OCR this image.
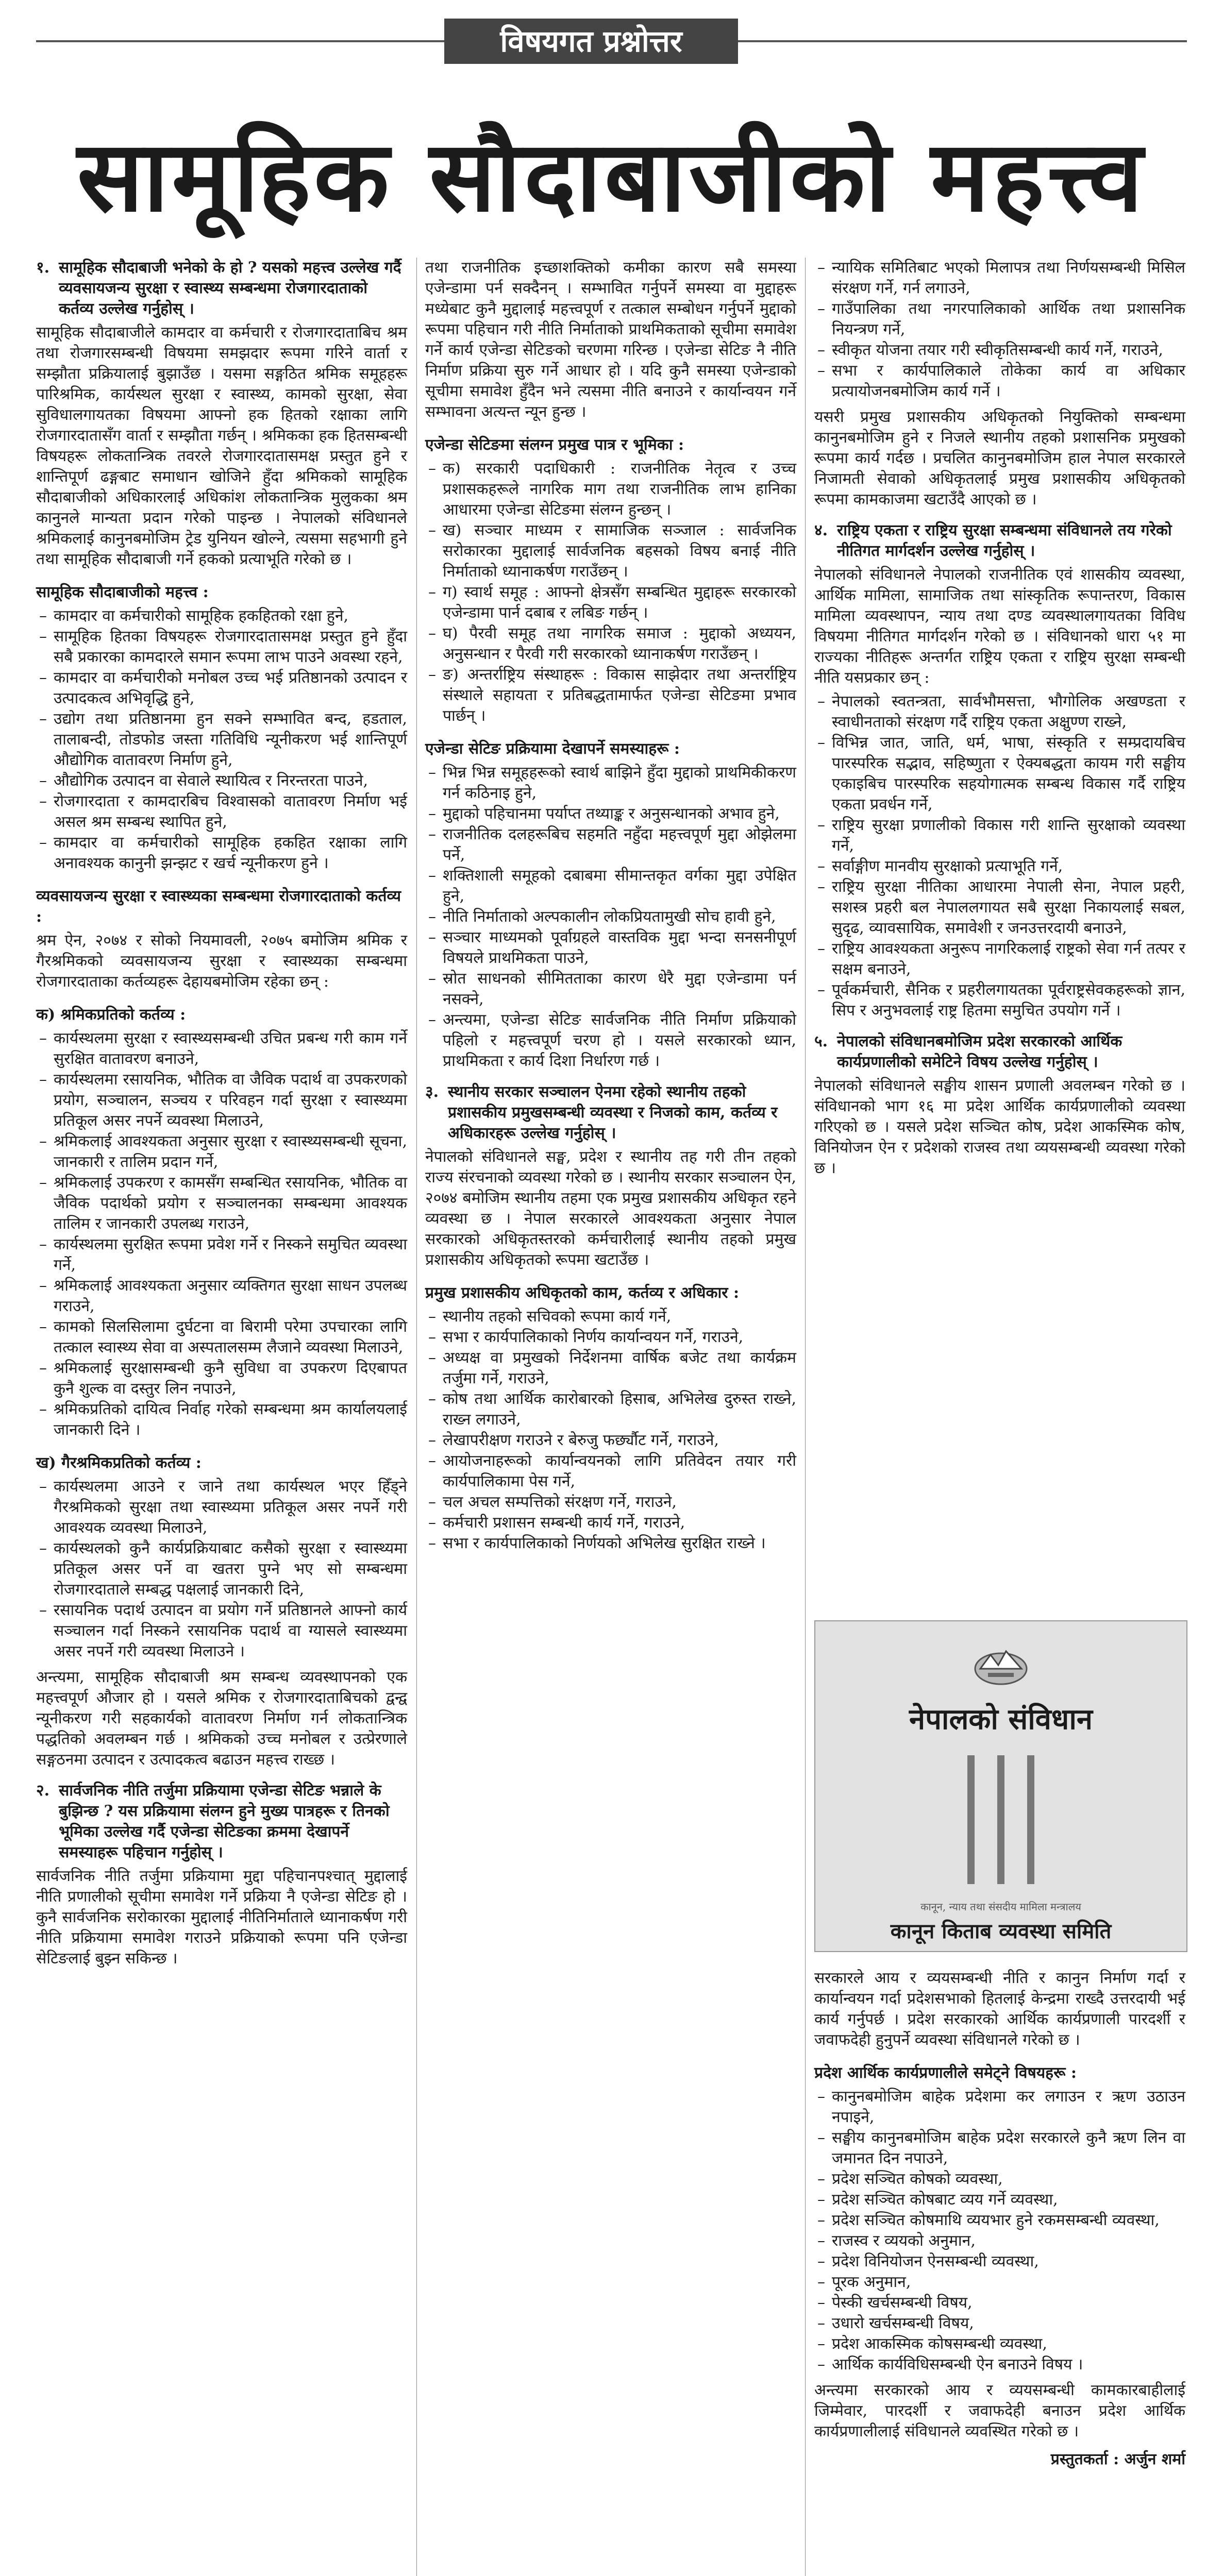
विषयगत प्रश्नोत्तर
सामूहिक सौदाबाजीको महत्त्व
१. सामूहिक सौदाबाजी भनेको के हो ? यसको महत्त्व उल्लेख गर्दै व्यवसायजन्य सुरक्षा र स्वास्थ्य सम्बन्धमा रोजगारदाताको कर्तव्य उल्लेख गर्नुहोस् ।

सामूहिक सौदाबाजीले कामदार वा कर्मचारी र रोजगारदाताबिच श्रम तथा रोजगारसम्बन्धी विषयमा समझदार रूपमा गरिने वार्ता र सम्झौता प्रक्रियालाई बुझाउँछ । यसमा सङ्गठित श्रमिक समूहहरू पारिश्रमिक, कार्यस्थल सुरक्षा र स्वास्थ्य, कामको सुरक्षा, सेवा सुविधालगायतका विषयमा आफ्नो हक हितको रक्षाका लागि रोजगारदातासँग वार्ता र सम्झौता गर्छन् । श्रमिकका हक हितसम्बन्धी विषयहरू लोकतान्त्रिक तवरले रोजगारदातासमक्ष प्रस्तुत हुने र शान्तिपूर्ण ढङ्गबाट समाधान खोजिने हुँदा श्रमिकको सामूहिक सौदाबाजीको अधिकारलाई अधिकांश लोकतान्त्रिक मुलुकका श्रम कानुनले मान्यता प्रदान गरेको पाइन्छ । नेपालको संविधानले श्रमिकलाई कानुनबमोजिम ट्रेड युनियन खोल्ने, त्यसमा सहभागी हुने तथा सामूहिक सौदाबाजी गर्ने हकको प्रत्याभूति गरेको छ ।

सामूहिक सौदाबाजीको महत्त्व :
– कामदार वा कर्मचारीको सामूहिक हकहितको रक्षा हुने,
– सामूहिक हितका विषयहरू रोजगारदातासमक्ष प्रस्तुत हुने हुँदा सबै प्रकारका कामदारले समान रूपमा लाभ पाउने अवस्था रहने,
– कामदार वा कर्मचारीको मनोबल उच्च भई प्रतिष्ठानको उत्पादन र उत्पादकत्व अभिवृद्धि हुने,
– उद्योग तथा प्रतिष्ठानमा हुन सक्ने सम्भावित बन्द, हडताल, तालाबन्दी, तोडफोड जस्ता गतिविधि न्यूनीकरण भई शान्तिपूर्ण औद्योगिक वातावरण निर्माण हुने,
– औद्योगिक उत्पादन वा सेवाले स्थायित्व र निरन्तरता पाउने,
– रोजगारदाता र कामदारबिच विश्वासको वातावरण निर्माण भई असल श्रम सम्बन्ध स्थापित हुने,
– कामदार वा कर्मचारीको सामूहिक हकहित रक्षाका लागि अनावश्यक कानुनी झन्झट र खर्च न्यूनीकरण हुने ।
व्यवसायजन्य सुरक्षा र स्वास्थ्यका सम्बन्धमा रोजगारदाताको कर्तव्य :

श्रम ऐन, २०७४ र सोको नियमावली, २०७५ बमोजिम श्रमिक र गैरश्रमिकको व्यवसायजन्य सुरक्षा र स्वास्थ्यका सम्बन्धमा रोजगारदाताका कर्तव्यहरू देहायबमोजिम रहेका छन् :

क) श्रमिकप्रतिको कर्तव्य :
– कार्यस्थलमा सुरक्षा र स्वास्थ्यसम्बन्धी उचित प्रबन्ध गरी काम गर्ने सुरक्षित वातावरण बनाउने,
– कार्यस्थलमा रसायनिक, भौतिक वा जैविक पदार्थ वा उपकरणको प्रयोग, सञ्चालन, सञ्चय र परिवहन गर्दा सुरक्षा र स्वास्थ्यमा प्रतिकूल असर नपर्ने व्यवस्था मिलाउने,
– श्रमिकलाई आवश्यकता अनुसार सुरक्षा र स्वास्थ्यसम्बन्धी सूचना, जानकारी र तालिम प्रदान गर्ने,
– श्रमिकलाई उपकरण र कामसँग सम्बन्धित रसायनिक, भौतिक वा जैविक पदार्थको प्रयोग र सञ्चालनका सम्बन्धमा आवश्यक तालिम र जानकारी उपलब्ध गराउने,
– कार्यस्थलमा सुरक्षित रूपमा प्रवेश गर्ने र निस्कने समुचित व्यवस्था गर्ने,
– श्रमिकलाई आवश्यकता अनुसार व्यक्तिगत सुरक्षा साधन उपलब्ध गराउने,
– कामको सिलसिलामा दुर्घटना वा बिरामी परेमा उपचारका लागि तत्काल स्वास्थ्य सेवा वा अस्पतालसम्म लैजाने व्यवस्था मिलाउने,
– श्रमिकलाई सुरक्षासम्बन्धी कुनै सुविधा वा उपकरण दिएबापत कुनै शुल्क वा दस्तुर लिन नपाउने,
– श्रमिकप्रतिको दायित्व निर्वाह गरेको सम्बन्धमा श्रम कार्यालयलाई जानकारी दिने ।
ख) गैरश्रमिकप्रतिको कर्तव्य :
– कार्यस्थलमा आउने र जाने तथा कार्यस्थल भएर हिँड्ने गैरश्रमिकको सुरक्षा तथा स्वास्थ्यमा प्रतिकूल असर नपर्ने गरी आवश्यक व्यवस्था मिलाउने,
– कार्यस्थलको कुनै कार्यप्रक्रियाबाट कसैको सुरक्षा र स्वास्थ्यमा प्रतिकूल असर पर्ने वा खतरा पुग्ने भए सो सम्बन्धमा रोजगारदाताले सम्बद्ध पक्षलाई जानकारी दिने,
– रसायनिक पदार्थ उत्पादन वा प्रयोग गर्ने प्रतिष्ठानले आफ्नो कार्य सञ्चालन गर्दा निस्कने रसायनिक पदार्थ वा ग्यासले स्वास्थ्यमा असर नपर्ने गरी व्यवस्था मिलाउने ।

अन्त्यमा, सामूहिक सौदाबाजी श्रम सम्बन्ध व्यवस्थापनको एक महत्त्वपूर्ण औजार हो । यसले श्रमिक र रोजगारदाताबिचको द्वन्द्व न्यूनीकरण गरी सहकार्यको वातावरण निर्माण गर्न लोकतान्त्रिक पद्धतिको अवलम्बन गर्छ । श्रमिकको उच्च मनोबल र उत्प्रेरणाले सङ्गठनमा उत्पादन र उत्पादकत्व बढाउन महत्त्व राख्छ ।

२. सार्वजनिक नीति तर्जुमा प्रक्रियामा एजेन्डा सेटिङ भन्नाले के बुझिन्छ ? यस प्रक्रियामा संलग्न हुने मुख्य पात्रहरू र तिनको भूमिका उल्लेख गर्दै एजेन्डा सेटिङका क्रममा देखापर्ने समस्याहरू पहिचान गर्नुहोस् ।

सार्वजनिक नीति तर्जुमा प्रक्रियामा मुद्दा पहिचानपश्चात् मुद्दालाई नीति प्रणालीको सूचीमा समावेश गर्ने प्रक्रिया नै एजेन्डा सेटिङ हो । कुनै सार्वजनिक सरोकारका मुद्दालाई नीतिनिर्माताले ध्यानाकर्षण गरी नीति प्रक्रियामा समावेश गराउने प्रक्रियाको रूपमा पनि एजेन्डा सेटिङलाई बुझ्न सकिन्छ ।

तथा राजनीतिक इच्छाशक्तिको कमीका कारण सबै समस्या एजेन्डामा पर्न सक्दैनन् । सम्भावित गर्नुपर्ने समस्या वा मुद्दाहरू मध्येबाट कुनै मुद्दालाई महत्त्वपूर्ण र तत्काल सम्बोधन गर्नुपर्ने मुद्दाको रूपमा पहिचान गरी नीति निर्माताको प्राथमिकताको सूचीमा समावेश गर्ने कार्य एजेन्डा सेटिङको चरणमा गरिन्छ । एजेन्डा सेटिङ नै नीति निर्माण प्रक्रिया सुरु गर्ने आधार हो । यदि कुनै समस्या एजेन्डाको सूचीमा समावेश हुँदैन भने त्यसमा नीति बनाउने र कार्यान्वयन गर्ने सम्भावना अत्यन्त न्यून हुन्छ ।

एजेन्डा सेटिङमा संलग्न प्रमुख पात्र र भूमिका :
– क) सरकारी पदाधिकारी : राजनीतिक नेतृत्व र उच्च प्रशासकहरूले नागरिक माग तथा राजनीतिक लाभ हानिका आधारमा एजेन्डा सेटिङमा संलग्न हुन्छन् ।
– ख) सञ्चार माध्यम र सामाजिक सञ्जाल : सार्वजनिक सरोकारका मुद्दालाई सार्वजनिक बहसको विषय बनाई नीति निर्माताको ध्यानाकर्षण गराउँछन् ।
– ग) स्वार्थ समूह : आफ्नो क्षेत्रसँग सम्बन्धित मुद्दाहरू सरकारको एजेन्डामा पार्न दबाब र लबिङ गर्छन् ।
– घ) पैरवी समूह तथा नागरिक समाज : मुद्दाको अध्ययन, अनुसन्धान र पैरवी गरी सरकारको ध्यानाकर्षण गराउँछन् ।
– ङ) अन्तर्राष्ट्रिय संस्थाहरू : विकास साझेदार तथा अन्तर्राष्ट्रिय संस्थाले सहायता र प्रतिबद्धतामार्फत एजेन्डा सेटिङमा प्रभाव पार्छन् ।
एजेन्डा सेटिङ प्रक्रियामा देखापर्ने समस्याहरू :
– भिन्न भिन्न समूहहरूको स्वार्थ बाझिने हुँदा मुद्दाको प्राथमिकीकरण गर्न कठिनाइ हुने,
– मुद्दाको पहिचानमा पर्याप्त तथ्याङ्क र अनुसन्धानको अभाव हुने,
– राजनीतिक दलहरूबिच सहमति नहुँदा महत्त्वपूर्ण मुद्दा ओझेलमा पर्ने,
– शक्तिशाली समूहको दबाबमा सीमान्तकृत वर्गका मुद्दा उपेक्षित हुने,
– नीति निर्माताको अल्पकालीन लोकप्रियतामुखी सोच हावी हुने,
– सञ्चार माध्यमको पूर्वाग्रहले वास्तविक मुद्दा भन्दा सनसनीपूर्ण विषयले प्राथमिकता पाउने,
– स्रोत साधनको सीमितताका कारण धेरै मुद्दा एजेन्डामा पर्न नसक्ने,
– अन्त्यमा, एजेन्डा सेटिङ सार्वजनिक नीति निर्माण प्रक्रियाको पहिलो र महत्त्वपूर्ण चरण हो । यसले सरकारको ध्यान, प्राथमिकता र कार्य दिशा निर्धारण गर्छ ।
३. स्थानीय सरकार सञ्चालन ऐनमा रहेको स्थानीय तहको प्रशासकीय प्रमुखसम्बन्धी व्यवस्था र निजको काम, कर्तव्य र अधिकारहरू उल्लेख गर्नुहोस् ।

नेपालको संविधानले सङ्घ, प्रदेश र स्थानीय तह गरी तीन तहको राज्य संरचनाको व्यवस्था गरेको छ । स्थानीय सरकार सञ्चालन ऐन, २०७४ बमोजिम स्थानीय तहमा एक प्रमुख प्रशासकीय अधिकृत रहने व्यवस्था छ । नेपाल सरकारले आवश्यकता अनुसार नेपाल सरकारको अधिकृतस्तरको कर्मचारीलाई स्थानीय तहको प्रमुख प्रशासकीय अधिकृतको रूपमा खटाउँछ ।

प्रमुख प्रशासकीय अधिकृतको काम, कर्तव्य र अधिकार :
– स्थानीय तहको सचिवको रूपमा कार्य गर्ने,
– सभा र कार्यपालिकाको निर्णय कार्यान्वयन गर्ने, गराउने,
– अध्यक्ष वा प्रमुखको निर्देशनमा वार्षिक बजेट तथा कार्यक्रम तर्जुमा गर्ने, गराउने,
– कोष तथा आर्थिक कारोबारको हिसाब, अभिलेख दुरुस्त राख्ने, राख्न लगाउने,
– लेखापरीक्षण गराउने र बेरुजु फर्छ्यौट गर्ने, गराउने,
– आयोजनाहरूको कार्यान्वयनको लागि प्रतिवेदन तयार गरी कार्यपालिकामा पेस गर्ने,
– चल अचल सम्पत्तिको संरक्षण गर्ने, गराउने,
– कर्मचारी प्रशासन सम्बन्धी कार्य गर्ने, गराउने,
– सभा र कार्यपालिकाको निर्णयको अभिलेख सुरक्षित राख्ने ।
– न्यायिक समितिबाट भएको मिलापत्र तथा निर्णयसम्बन्धी मिसिल संरक्षण गर्ने, गर्न लगाउने,
– गाउँपालिका तथा नगरपालिकाको आर्थिक तथा प्रशासनिक नियन्त्रण गर्ने,
– स्वीकृत योजना तयार गरी स्वीकृतिसम्बन्धी कार्य गर्ने, गराउने,
– सभा र कार्यपालिकाले तोकेका कार्य वा अधिकार प्रत्यायोजनबमोजिम कार्य गर्ने ।

यसरी प्रमुख प्रशासकीय अधिकृतको नियुक्तिको सम्बन्धमा कानुनबमोजिम हुने र निजले स्थानीय तहको प्रशासनिक प्रमुखको रूपमा कार्य गर्दछ । प्रचलित कानुनबमोजिम हाल नेपाल सरकारले निजामती सेवाको अधिकृतलाई प्रमुख प्रशासकीय अधिकृतको रूपमा कामकाजमा खटाउँदै आएको छ ।

४. राष्ट्रिय एकता र राष्ट्रिय सुरक्षा सम्बन्धमा संविधानले तय गरेको नीतिगत मार्गदर्शन उल्लेख गर्नुहोस् ।

नेपालको संविधानले नेपालको राजनीतिक एवं शासकीय व्यवस्था, आर्थिक मामिला, सामाजिक तथा सांस्कृतिक रूपान्तरण, विकास मामिला व्यवस्थापन, न्याय तथा दण्ड व्यवस्थालगायतका विविध विषयमा नीतिगत मार्गदर्शन गरेको छ । संविधानको धारा ५१ मा राज्यका नीतिहरू अन्तर्गत राष्ट्रिय एकता र राष्ट्रिय सुरक्षा सम्बन्धी नीति यसप्रकार छन् :

– नेपालको स्वतन्त्रता, सार्वभौमसत्ता, भौगोलिक अखण्डता र स्वाधीनताको संरक्षण गर्दै राष्ट्रिय एकता अक्षुण्ण राख्ने,
– विभिन्न जात, जाति, धर्म, भाषा, संस्कृति र सम्प्रदायबिच पारस्परिक सद्भाव, सहिष्णुता र ऐक्यबद्धता कायम गरी सङ्घीय एकाइबिच पारस्परिक सहयोगात्मक सम्बन्ध विकास गर्दै राष्ट्रिय एकता प्रवर्धन गर्ने,
– राष्ट्रिय सुरक्षा प्रणालीको विकास गरी शान्ति सुरक्षाको व्यवस्था गर्ने,
– सर्वाङ्गीण मानवीय सुरक्षाको प्रत्याभूति गर्ने,
– राष्ट्रिय सुरक्षा नीतिका आधारमा नेपाली सेना, नेपाल प्रहरी, सशस्त्र प्रहरी बल नेपाललगायत सबै सुरक्षा निकायलाई सबल, सुदृढ, व्यावसायिक, समावेशी र जनउत्तरदायी बनाउने,
– राष्ट्रिय आवश्यकता अनुरूप नागरिकलाई राष्ट्रको सेवा गर्न तत्पर र सक्षम बनाउने,
– पूर्वकर्मचारी, सैनिक र प्रहरीलगायतका पूर्वराष्ट्रसेवकहरूको ज्ञान, सिप र अनुभवलाई राष्ट्र हितमा समुचित उपयोग गर्ने ।
५. नेपालको संविधानबमोजिम प्रदेश सरकारको आर्थिक कार्यप्रणालीको समेटिने विषय उल्लेख गर्नुहोस् ।

नेपालको संविधानले सङ्घीय शासन प्रणाली अवलम्बन गरेको छ । संविधानको भाग १६ मा प्रदेश आर्थिक कार्यप्रणालीको व्यवस्था गरिएको छ । यसले प्रदेश सञ्चित कोष, प्रदेश आकस्मिक कोष, विनियोजन ऐन र प्रदेशको राजस्व तथा व्ययसम्बन्धी व्यवस्था गरेको छ ।

नेपालको संविधान
कानून, न्याय तथा संसदीय मामिला मन्त्रालय
कानून किताब व्यवस्था समिति

सरकारले आय र व्ययसम्बन्धी नीति र कानुन निर्माण गर्दा र कार्यान्वयन गर्दा प्रदेशसभाको हितलाई केन्द्रमा राख्दै उत्तरदायी भई कार्य गर्नुपर्छ । प्रदेश सरकारको आर्थिक कार्यप्रणाली पारदर्शी र जवाफदेही हुनुपर्ने व्यवस्था संविधानले गरेको छ ।

प्रदेश आर्थिक कार्यप्रणालीले समेट्ने विषयहरू :
– कानुनबमोजिम बाहेक प्रदेशमा कर लगाउन र ऋण उठाउन नपाइने,
– सङ्घीय कानुनबमोजिम बाहेक प्रदेश सरकारले कुनै ऋण लिन वा जमानत दिन नपाउने,
– प्रदेश सञ्चित कोषको व्यवस्था,
– प्रदेश सञ्चित कोषबाट व्यय गर्ने व्यवस्था,
– प्रदेश सञ्चित कोषमाथि व्ययभार हुने रकमसम्बन्धी व्यवस्था,
– राजस्व र व्ययको अनुमान,
– प्रदेश विनियोजन ऐनसम्बन्धी व्यवस्था,
– पूरक अनुमान,
– पेस्की खर्चसम्बन्धी विषय,
– उधारो खर्चसम्बन्धी विषय,
– प्रदेश आकस्मिक कोषसम्बन्धी व्यवस्था,
– आर्थिक कार्यविधिसम्बन्धी ऐन बनाउने विषय ।

अन्त्यमा सरकारको आय र व्ययसम्बन्धी कामकारबाहीलाई जिम्मेवार, पारदर्शी र जवाफदेही बनाउन प्रदेश आर्थिक कार्यप्रणालीलाई संविधानले व्यवस्थित गरेको छ ।

प्रस्तुतकर्ता : अर्जुन शर्मा
